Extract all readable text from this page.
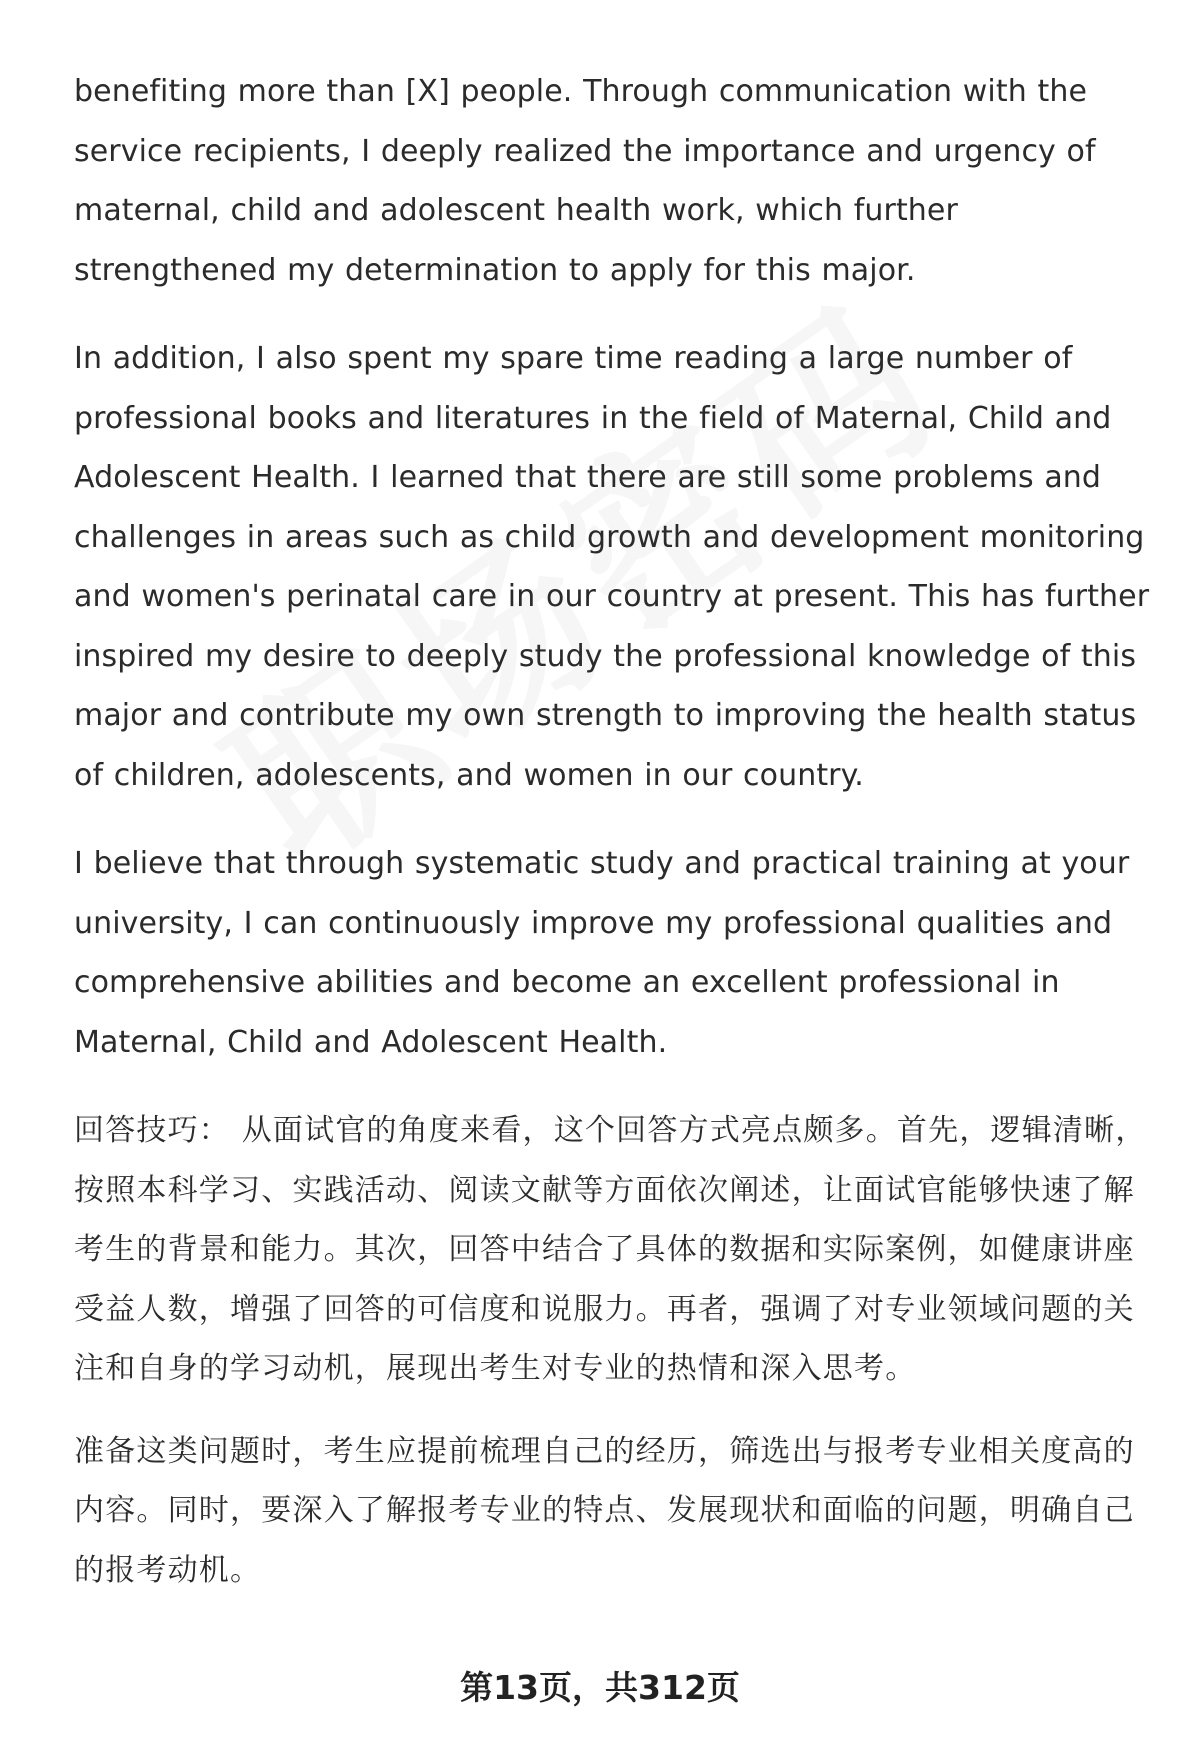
benefiting more than [X] people. Through communication with the service recipients, I deeply realized the importance and urgency of maternal, child and adolescent health work, which further strengthened my determination to apply for this major.

In addition, I also spent my spare time reading a large number of professional books and literatures in the field of Maternal, Child and Adolescent Health. I learned that there are still some problems and challenges in areas such as child growth and development monitoring and women's perinatal care in our country at present. This has further inspired my desire to deeply study the professional knowledge of this major and contribute my own strength to improving the health status of children, adolescents, and women in our country.

I believe that through systematic study and practical training at your university, I can continuously improve my professional qualities and comprehensive abilities and become an excellent professional in Maternal, Child and Adolescent Health.

回答技巧： 从面试官的角度来看，这个回答方式亮点颇多。首先，逻辑清晰，按照本科学习、实践活动、阅读文献等方面依次阐述，让面试官能够快速了解考生的背景和能力。其次，回答中结合了具体的数据和实际案例，如健康讲座受益人数，增强了回答的可信度和说服力。再者，强调了对专业领域问题的关注和自身的学习动机，展现出考生对专业的热情和深入思考。

准备这类问题时，考生应提前梳理自己的经历，筛选出与报考专业相关度高的内容。同时，要深入了解报考专业的特点、发展现状和面临的问题，明确自己的报考动机。

第13页，共312页
